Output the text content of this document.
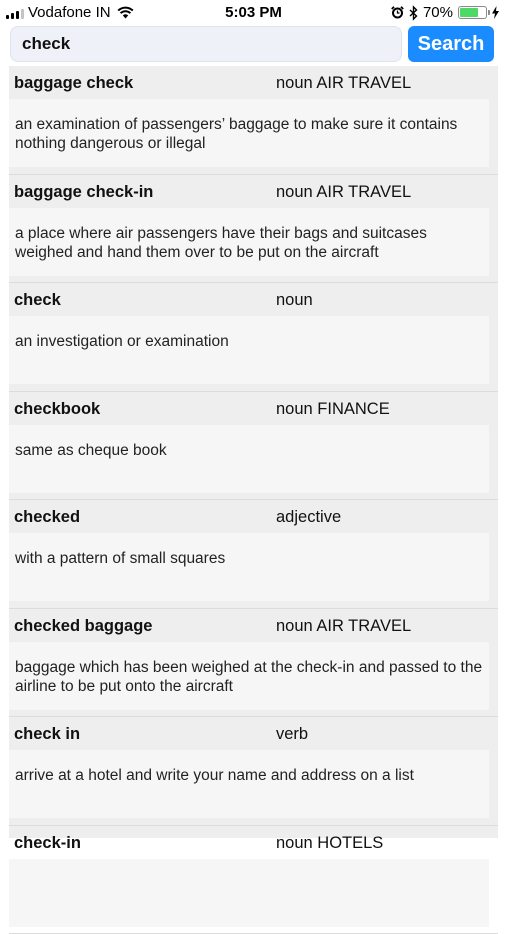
Vodafone IN	5:03 PM	70%
check
Search
baggage check	noun AIR TRAVEL
an examination of passengers’ baggage to make sure it contains nothing dangerous or illegal
baggage check-in	noun AIR TRAVEL
a place where air passengers have their bags and suitcases weighed and hand them over to be put on the aircraft
check	noun
an investigation or examination
checkbook	noun FINANCE
same as cheque book
checked	adjective
with a pattern of small squares
checked baggage	noun AIR TRAVEL
baggage which has been weighed at the check-in and passed to the airline to be put onto the aircraft
check in	verb
arrive at a hotel and write your name and address on a list
check-in	noun HOTELS
